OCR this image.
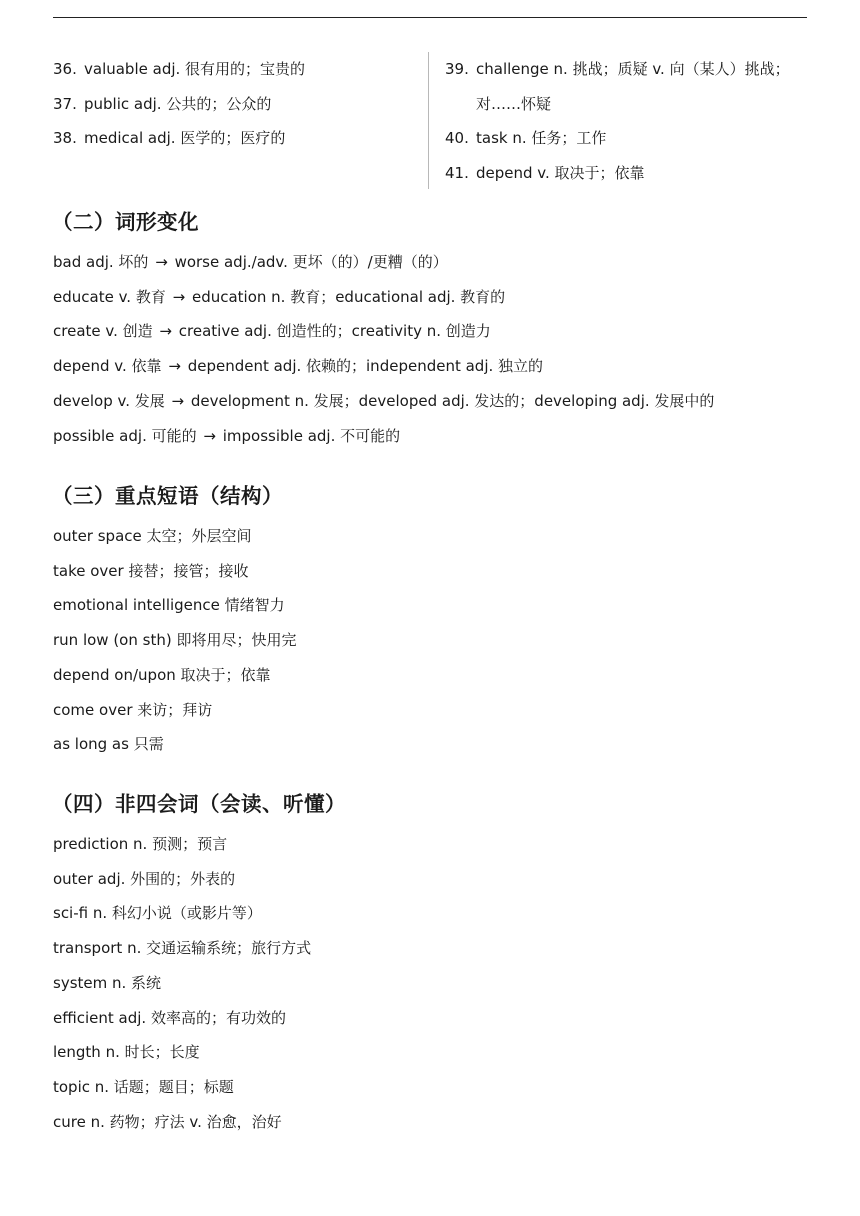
36. valuable adj. 很有用的；宝贵的
37. public adj. 公共的；公众的
38. medical adj. 医学的；医疗的
39. challenge n. 挑战；质疑 v. 向（某人）挑战；对……怀疑
40. task n. 任务；工作
41. depend v. 取决于；依靠
（二）词形变化
bad adj. 坏的 → worse adj./adv. 更坏（的）/更糟（的）
educate v. 教育 → education n. 教育；educational adj. 教育的
create v. 创造 → creative adj. 创造性的；creativity n. 创造力
depend v. 依靠 → dependent adj. 依赖的；independent adj. 独立的
develop v. 发展 → development n. 发展；developed adj. 发达的；developing adj. 发展中的
possible adj. 可能的 → impossible adj. 不可能的
（三）重点短语（结构）
outer space 太空；外层空间
take over 接替；接管；接收
emotional intelligence 情绪智力
run low (on sth) 即将用尽；快用完
depend on/upon 取决于；依靠
come over 来访；拜访
as long as 只需
（四）非四会词（会读、听懂）
prediction n. 预测；预言
outer adj. 外围的；外表的
sci-fi n. 科幻小说（或影片等）
transport n. 交通运输系统；旅行方式
system n. 系统
efficient adj. 效率高的；有功效的
length n. 时长；长度
topic n. 话题；题目；标题
cure n. 药物；疗法 v. 治愈，治好
